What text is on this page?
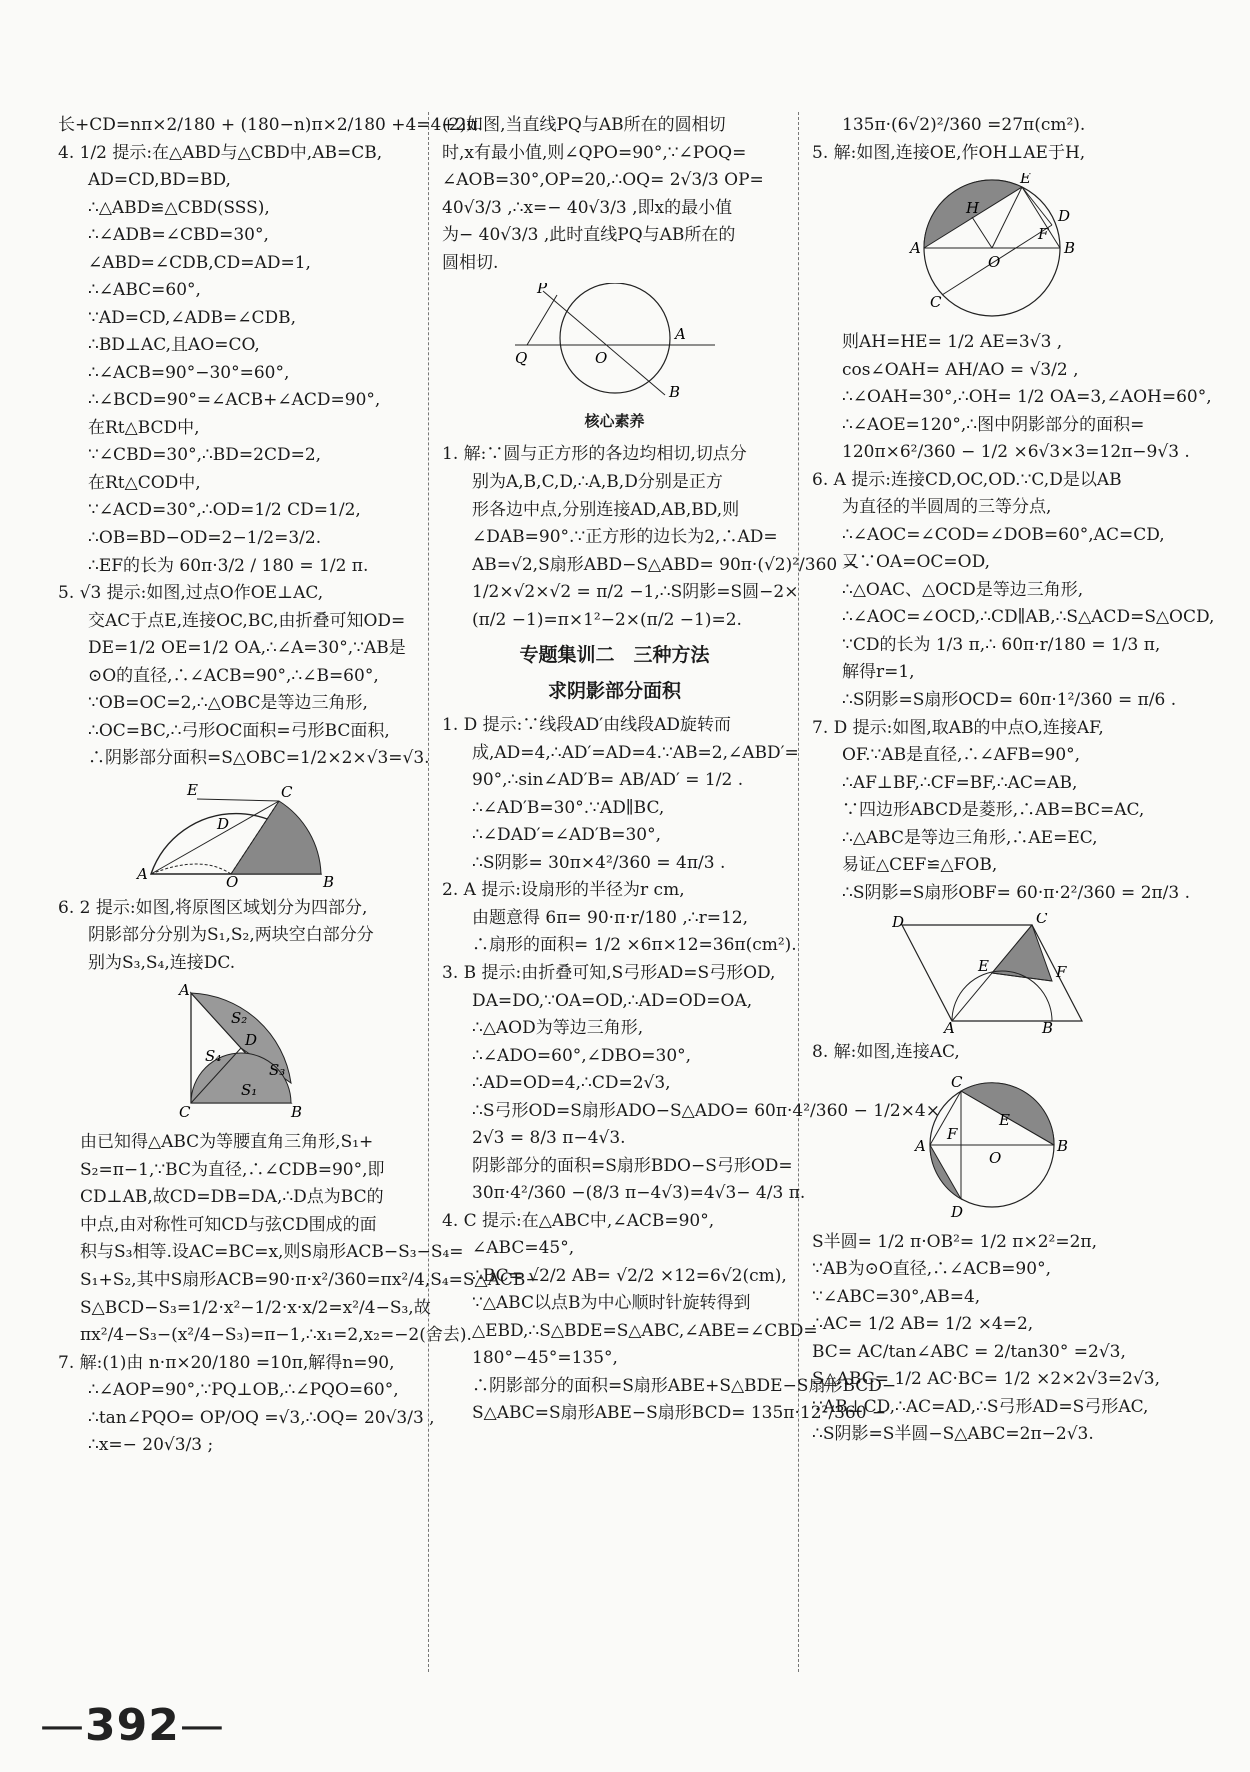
长+CD=nπ×2/180 + (180−n)π×2/180 +4=4+2π.
4. 1/2 提示:在△ABD与△CBD中,AB=CB,
AD=CD,BD=BD,
∴△ABD≌△CBD(SSS),
∴∠ADB=∠CBD=30°,
∠ABD=∠CDB,CD=AD=1,
∴∠ABC=60°,
∵AD=CD,∠ADB=∠CDB,
∴BD⊥AC,且AO=CO,
∴∠ACB=90°−30°=60°,
∴∠BCD=90°=∠ACB+∠ACD=90°,
在Rt△BCD中,
∵∠CBD=30°,∴BD=2CD=2,
在Rt△COD中,
∵∠ACD=30°,∴OD=1/2 CD=1/2,
∴OB=BD−OD=2−1/2=3/2.
∴EF的长为 60π·3/2 / 180 = 1/2 π.
5. √3 提示:如图,过点O作OE⊥AC,
交AC于点E,连接OC,BC,由折叠可知OD=
DE=1/2 OE=1/2 OA,∴∠A=30°,∵AB是
⊙O的直径,∴∠ACB=90°,∴∠B=60°,
∵OB=OC=2,∴△OBC是等边三角形,
∴OC=BC,∴弓形OC面积=弓形BC面积,
∴阴影部分面积=S△OBC=1/2×2×√3=√3.
E	C
D
A	O	B
6. 2 提示:如图,将原图区域划分为四部分,
阴影部分分别为S₁,S₂,两块空白部分分
别为S₃,S₄,连接DC.
A
S₂
D
S₄
S₃
S₁
C	B
由已知得△ABC为等腰直角三角形,S₁+
S₂=π−1,∵BC为直径,∴∠CDB=90°,即
CD⊥AB,故CD=DB=DA,∴D点为BC的
中点,由对称性可知CD与弦CD围成的面
积与S₃相等.设AC=BC=x,则S扇形ACB−S₃−S₄=
S₁+S₂,其中S扇形ACB=90·π·x²/360=πx²/4,S₄=S△ACB−
S△BCD−S₃=1/2·x²−1/2·x·x/2=x²/4−S₃,故
πx²/4−S₃−(x²/4−S₃)=π−1,∴x₁=2,x₂=−2(舍去).
7. 解:(1)由 n·π×20/180 =10π,解得n=90,
∴∠AOP=90°,∵PQ⊥OB,∴∠PQO=60°,
∴tan∠PQO= OP/OQ =√3,∴OQ= 20√3/3 ,
∴x=− 20√3/3 ;
(2)如图,当直线PQ与AB所在的圆相切
时,x有最小值,则∠QPO=90°,∵∠POQ=
∠AOB=30°,OP=20,∴OQ= 2√3/3 OP=
40√3/3 ,∴x=− 40√3/3 ,即x的最小值
为− 40√3/3 ,此时直线PQ与AB所在的
圆相切.
P
A
Q	O
B
核心素养
1. 解:∵圆与正方形的各边均相切,切点分
别为A,B,C,D,∴A,B,D分别是正方
形各边中点,分别连接AD,AB,BD,则
∠DAB=90°.∵正方形的边长为2,∴AD=
AB=√2,S扇形ABD−S△ABD= 90π·(√2)²/360 −
1/2×√2×√2 = π/2 −1,∴S阴影=S圆−2×
(π/2 −1)=π×1²−2×(π/2 −1)=2.
专题集训二　三种方法
求阴影部分面积
1. D 提示:∵线段AD′由线段AD旋转而
成,AD=4,∴AD′=AD=4.∵AB=2,∠ABD′=
90°,∴sin∠AD′B= AB/AD′ = 1/2 .
∴∠AD′B=30°.∵AD∥BC,
∴∠DAD′=∠AD′B=30°,
∴S阴影= 30π×4²/360 = 4π/3 .
2. A 提示:设扇形的半径为r cm,
由题意得 6π= 90·π·r/180 ,∴r=12,
∴扇形的面积= 1/2 ×6π×12=36π(cm²).
3. B 提示:由折叠可知,S弓形AD=S弓形OD,
DA=DO,∵OA=OD,∴AD=OD=OA,
∴△AOD为等边三角形,
∴∠ADO=60°,∠DBO=30°,
∴AD=OD=4,∴CD=2√3,
∴S弓形OD=S扇形ADO−S△ADO= 60π·4²/360 − 1/2×4×
2√3 = 8/3 π−4√3.
阴影部分的面积=S扇形BDO−S弓形OD=
30π·4²/360 −(8/3 π−4√3)=4√3− 4/3 π.
4. C 提示:在△ABC中,∠ACB=90°,
∠ABC=45°,
∴BC= √2/2 AB= √2/2 ×12=6√2(cm),
∵△ABC以点B为中心顺时针旋转得到
△EBD,∴S△BDE=S△ABC,∠ABE=∠CBD=
180°−45°=135°,
∴阴影部分的面积=S扇形ABE+S△BDE−S扇形BCD−
S△ABC=S扇形ABE−S扇形BCD= 135π·12²/360 −
135π·(6√2)²/360 =27π(cm²).
5. 解:如图,连接OE,作OH⊥AE于H,
E
H	D
F
A
O
B
C
则AH=HE= 1/2 AE=3√3 ,
cos∠OAH= AH/AO = √3/2 ,
∴∠OAH=30°,∴OH= 1/2 OA=3,∠AOH=60°,
∴∠AOE=120°,∴图中阴影部分的面积=
120π×6²/360 − 1/2 ×6√3×3=12π−9√3 .
6. A 提示:连接CD,OC,OD.∵C,D是以AB
为直径的半圆周的三等分点,
∴∠AOC=∠COD=∠DOB=60°,AC=CD,
又∵OA=OC=OD,
∴△OAC、△OCD是等边三角形,
∴∠AOC=∠OCD,∴CD∥AB,∴S△ACD=S△OCD,
∵CD的长为 1/3 π,∴ 60π·r/180 = 1/3 π,
解得r=1,
∴S阴影=S扇形OCD= 60π·1²/360 = π/6 .
7. D 提示:如图,取AB的中点O,连接AF,
OF.∵AB是直径,∴∠AFB=90°,
∴AF⊥BF,∴CF=BF,∴AC=AB,
∵四边形ABCD是菱形,∴AB=BC=AC,
∴△ABC是等边三角形,∴AE=EC,
易证△CEF≌△FOB,
∴S阴影=S扇形OBF= 60·π·2²/360 = 2π/3 .
D	C
E	F
A	B
8. 解:如图,连接AC,
C
E
A
F
O
B
D
S半圆= 1/2 π·OB²= 1/2 π×2²=2π,
∵AB为⊙O直径,∴∠ACB=90°,
∵∠ABC=30°,AB=4,
∴AC= 1/2 AB= 1/2 ×4=2,
BC= AC/tan∠ABC = 2/tan30° =2√3,
S△ABC= 1/2 AC·BC= 1/2 ×2×2√3=2√3,
∵AB⊥CD,∴AC=AD,∴S弓形AD=S弓形AC,
∴S阴影=S半圆−S△ABC=2π−2√3.
— 392 —
